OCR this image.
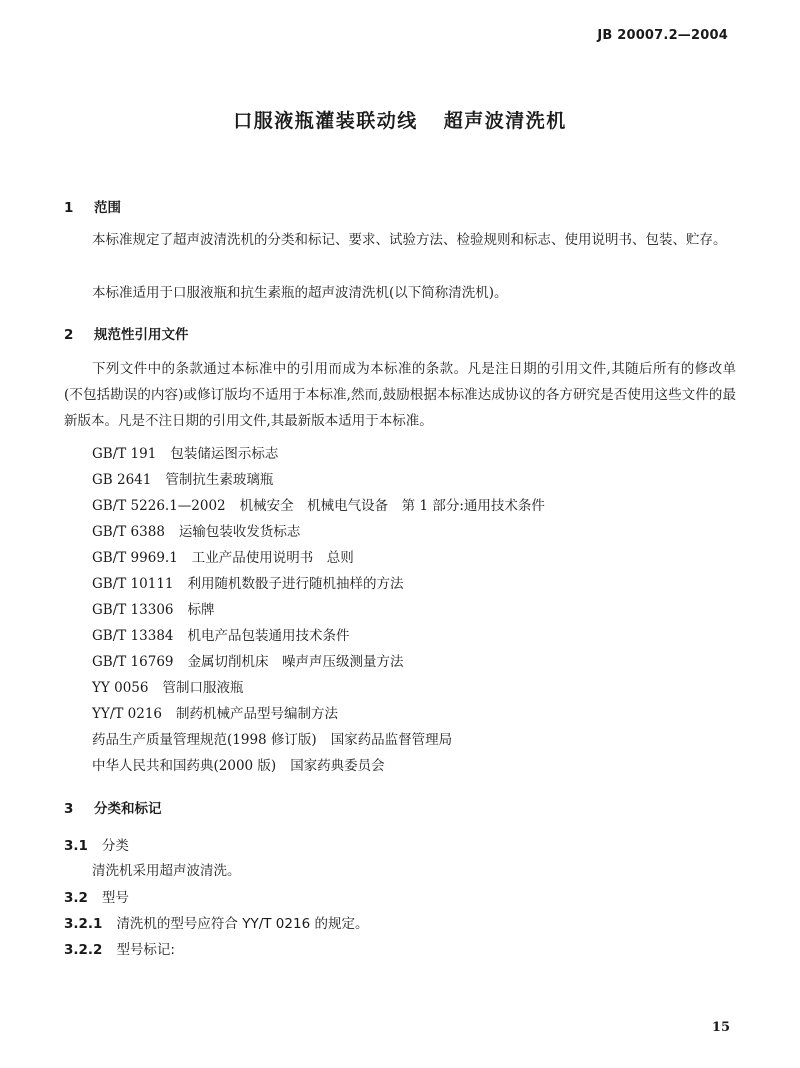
JB 20007.2—2004
口服液瓶灌装联动线 超声波清洗机
1 范围

本标准规定了超声波清洗机的分类和标记、要求、试验方法、检验规则和标志、使用说明书、包装、贮存。

本标准适用于口服液瓶和抗生素瓶的超声波清洗机(以下简称清洗机)。

2 规范性引用文件

下列文件中的条款通过本标准中的引用而成为本标准的条款。凡是注日期的引用文件,其随后所有的修改单(不包括勘误的内容)或修订版均不适用于本标准,然而,鼓励根据本标准达成协议的各方研究是否使用这些文件的最新版本。凡是不注日期的引用文件,其最新版本适用于本标准。

GB/T 191 包装储运图示标志
GB 2641 管制抗生素玻璃瓶
GB/T 5226.1—2002 机械安全　机械电气设备　第 1 部分:通用技术条件
GB/T 6388 运输包装收发货标志
GB/T 9969.1 工业产品使用说明书　总则
GB/T 10111 利用随机数骰子进行随机抽样的方法
GB/T 13306 标牌
GB/T 13384 机电产品包装通用技术条件
GB/T 16769 金属切削机床　噪声声压级测量方法
YY 0056 管制口服液瓶
YY/T 0216 制药机械产品型号编制方法
药品生产质量管理规范(1998 修订版) 国家药品监督管理局
中华人民共和国药典(2000 版) 国家药典委员会
3 分类和标记
3.1 分类
清洗机采用超声波清洗。
3.2 型号
3.2.1 清洗机的型号应符合 YY/T 0216 的规定。
3.2.2 型号标记:
15
